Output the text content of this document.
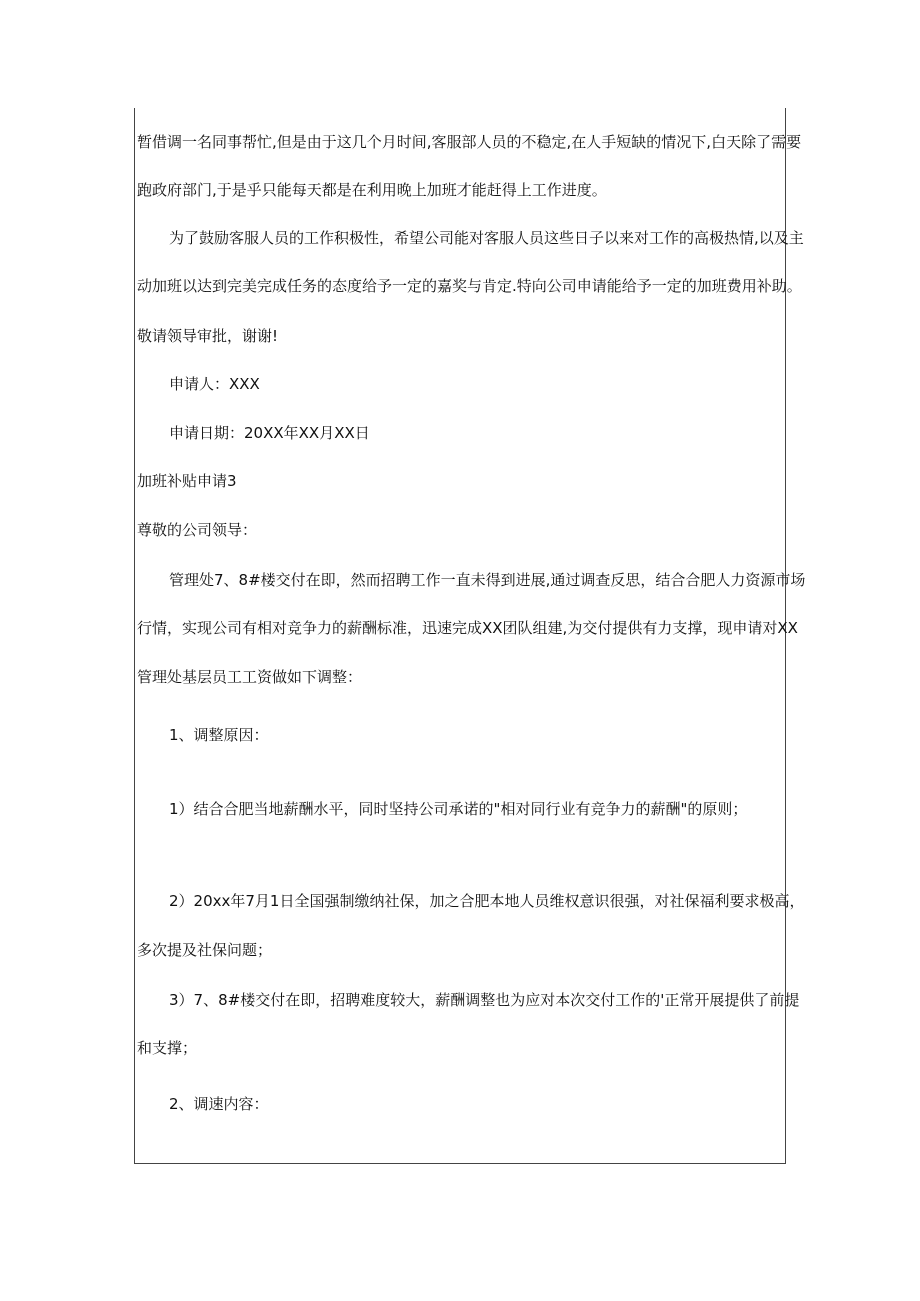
暂借调一名同事帮忙,但是由于这几个月时间,客服部人员的不稳定,在人手短缺的情况下,白天除了需要
跑政府部门,于是乎只能每天都是在利用晚上加班才能赶得上工作进度。
为了鼓励客服人员的工作积极性，希望公司能对客服人员这些日子以来对工作的高极热情,以及主
动加班以达到完美完成任务的态度给予一定的嘉奖与肯定.特向公司申请能给予一定的加班费用补助。
敬请领导审批，谢谢!
申请人：XXX
申请日期：20XX年XX月XX日
加班补贴申请3
尊敬的公司领导：
管理处7、8#楼交付在即，然而招聘工作一直未得到进展,通过调查反思，结合合肥人力资源市场
行情，实现公司有相对竞争力的薪酬标准，迅速完成XX团队组建,为交付提供有力支撑，现申请对XX
管理处基层员工工资做如下调整：
1、调整原因：
1）结合合肥当地薪酬水平，同时坚持公司承诺的"相对同行业有竞争力的薪酬"的原则；
2）20xx年7月1日全国强制缴纳社保，加之合肥本地人员维权意识很强，对社保福利要求极高，
多次提及社保问题；
3）7、8#楼交付在即，招聘难度较大，薪酬调整也为应对本次交付工作的'正常开展提供了前提
和支撑；
2、调速内容：
